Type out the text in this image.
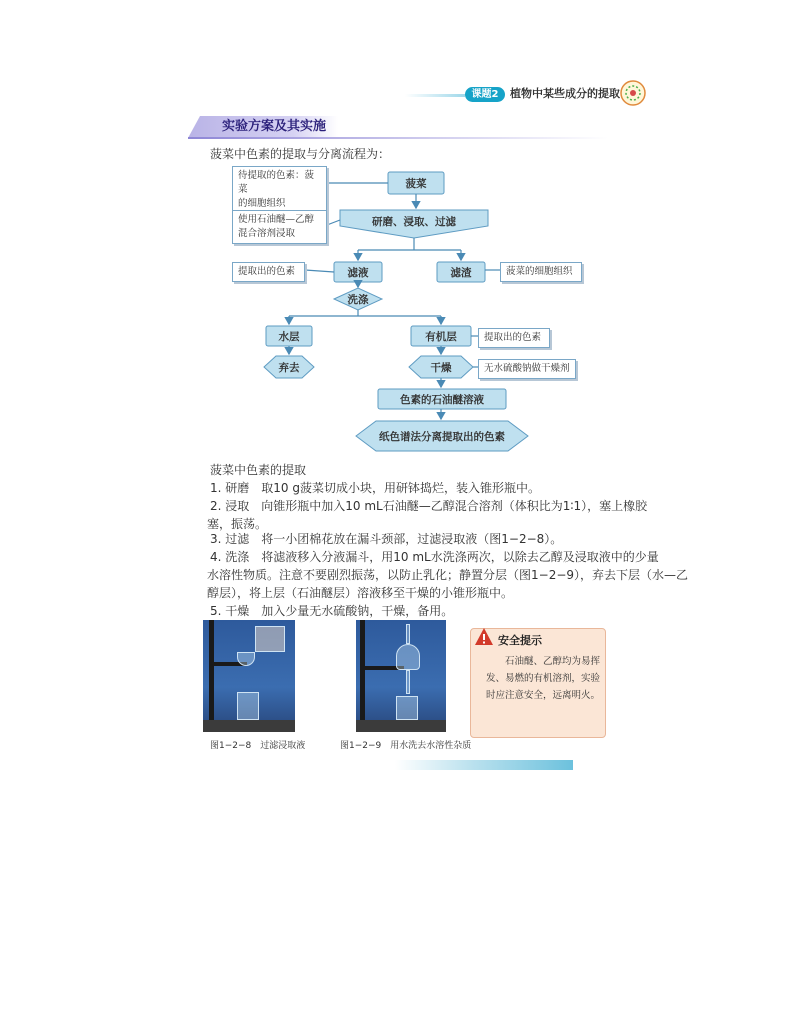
课题2	植物中某些成分的提取
实验方案及其实施
菠菜中色素的提取与分离流程为：
菠菜
研磨、浸取、过滤
滤液	滤渣
洗涤
水层	有机层
弃去	干燥
色素的石油醚溶液
纸色谱法分离提取出的色素
待提取的色素：菠菜
的细胞组织
使用石油醚—乙醇
混合溶剂浸取
提取出的色素	菠菜的细胞组织
提取出的色素
无水硫酸钠做干燥剂
菠菜中色素的提取
1. 研磨　取10 g菠菜切成小块，用研钵捣烂，装入锥形瓶中。
2. 浸取　向锥形瓶中加入10 mL石油醚—乙醇混合溶剂（体积比为1∶1），塞上橡胶
塞，振荡。
3. 过滤　将一小团棉花放在漏斗颈部，过滤浸取液（图1−2−8）。
4. 洗涤　将滤液移入分液漏斗，用10 mL水洗涤两次，以除去乙醇及浸取液中的少量
水溶性物质。注意不要剧烈振荡，以防止乳化；静置分层（图1−2−9），弃去下层（水—乙
醇层），将上层（石油醚层）溶液移至干燥的小锥形瓶中。
5. 干燥　加入少量无水硫酸钠，干燥，备用。
图1−2−8　过滤浸取液	图1−2−9　用水洗去水溶性杂质
安全提示
石油醚、乙醇均为易挥发、易燃的有机溶剂，实验时应注意安全，远离明火。
